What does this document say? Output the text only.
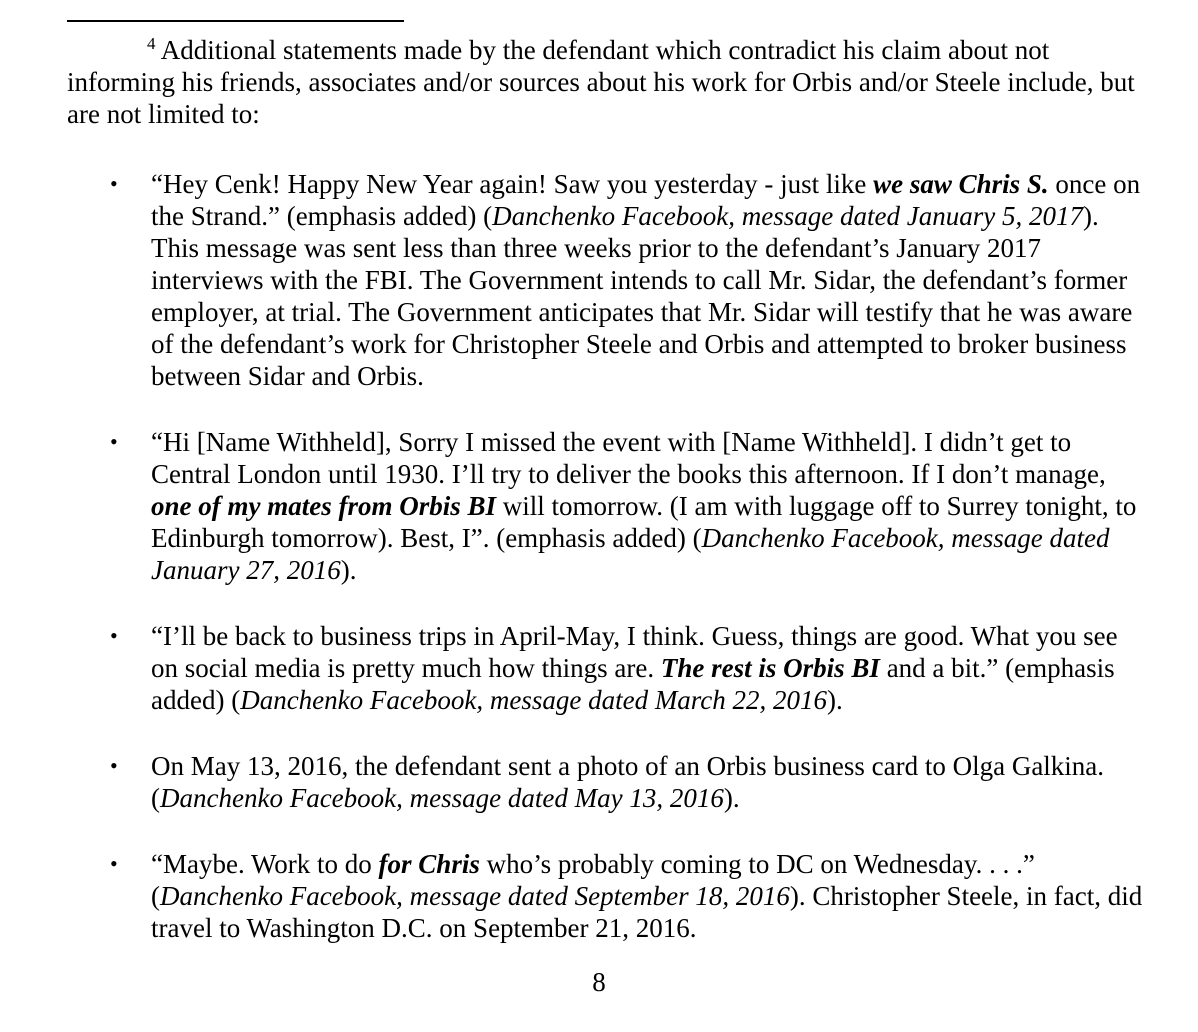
$^4$ Additional statements made by the defendant which contradict his claim about not informing his friends, associates and/or sources about his work for Orbis and/or Steele include, but are not limited to:

• “Hey Cenk! Happy New Year again! Saw you yesterday - just like we saw Chris S. once on the Strand.” (emphasis added) (Danchenko Facebook, message dated January 5, 2017). This message was sent less than three weeks prior to the defendant’s January 2017 interviews with the FBI. The Government intends to call Mr. Sidar, the defendant’s former employer, at trial. The Government anticipates that Mr. Sidar will testify that he was aware of the defendant’s work for Christopher Steele and Orbis and attempted to broker business between Sidar and Orbis.
• “Hi [Name Withheld], Sorry I missed the event with [Name Withheld]. I didn’t get to Central London until 1930. I’ll try to deliver the books this afternoon. If I don’t manage, one of my mates from Orbis BI will tomorrow. (I am with luggage off to Surrey tonight, to Edinburgh tomorrow). Best, I”. (emphasis added) (Danchenko Facebook, message dated January 27, 2016).
• “I’ll be back to business trips in April-May, I think. Guess, things are good. What you see on social media is pretty much how things are. The rest is Orbis BI and a bit.” (emphasis added) (Danchenko Facebook, message dated March 22, 2016).
• On May 13, 2016, the defendant sent a photo of an Orbis business card to Olga Galkina. (Danchenko Facebook, message dated May 13, 2016).
• “Maybe. Work to do for Chris who’s probably coming to DC on Wednesday. . . .” (Danchenko Facebook, message dated September 18, 2016). Christopher Steele, in fact, did travel to Washington D.C. on September 21, 2016.
8
